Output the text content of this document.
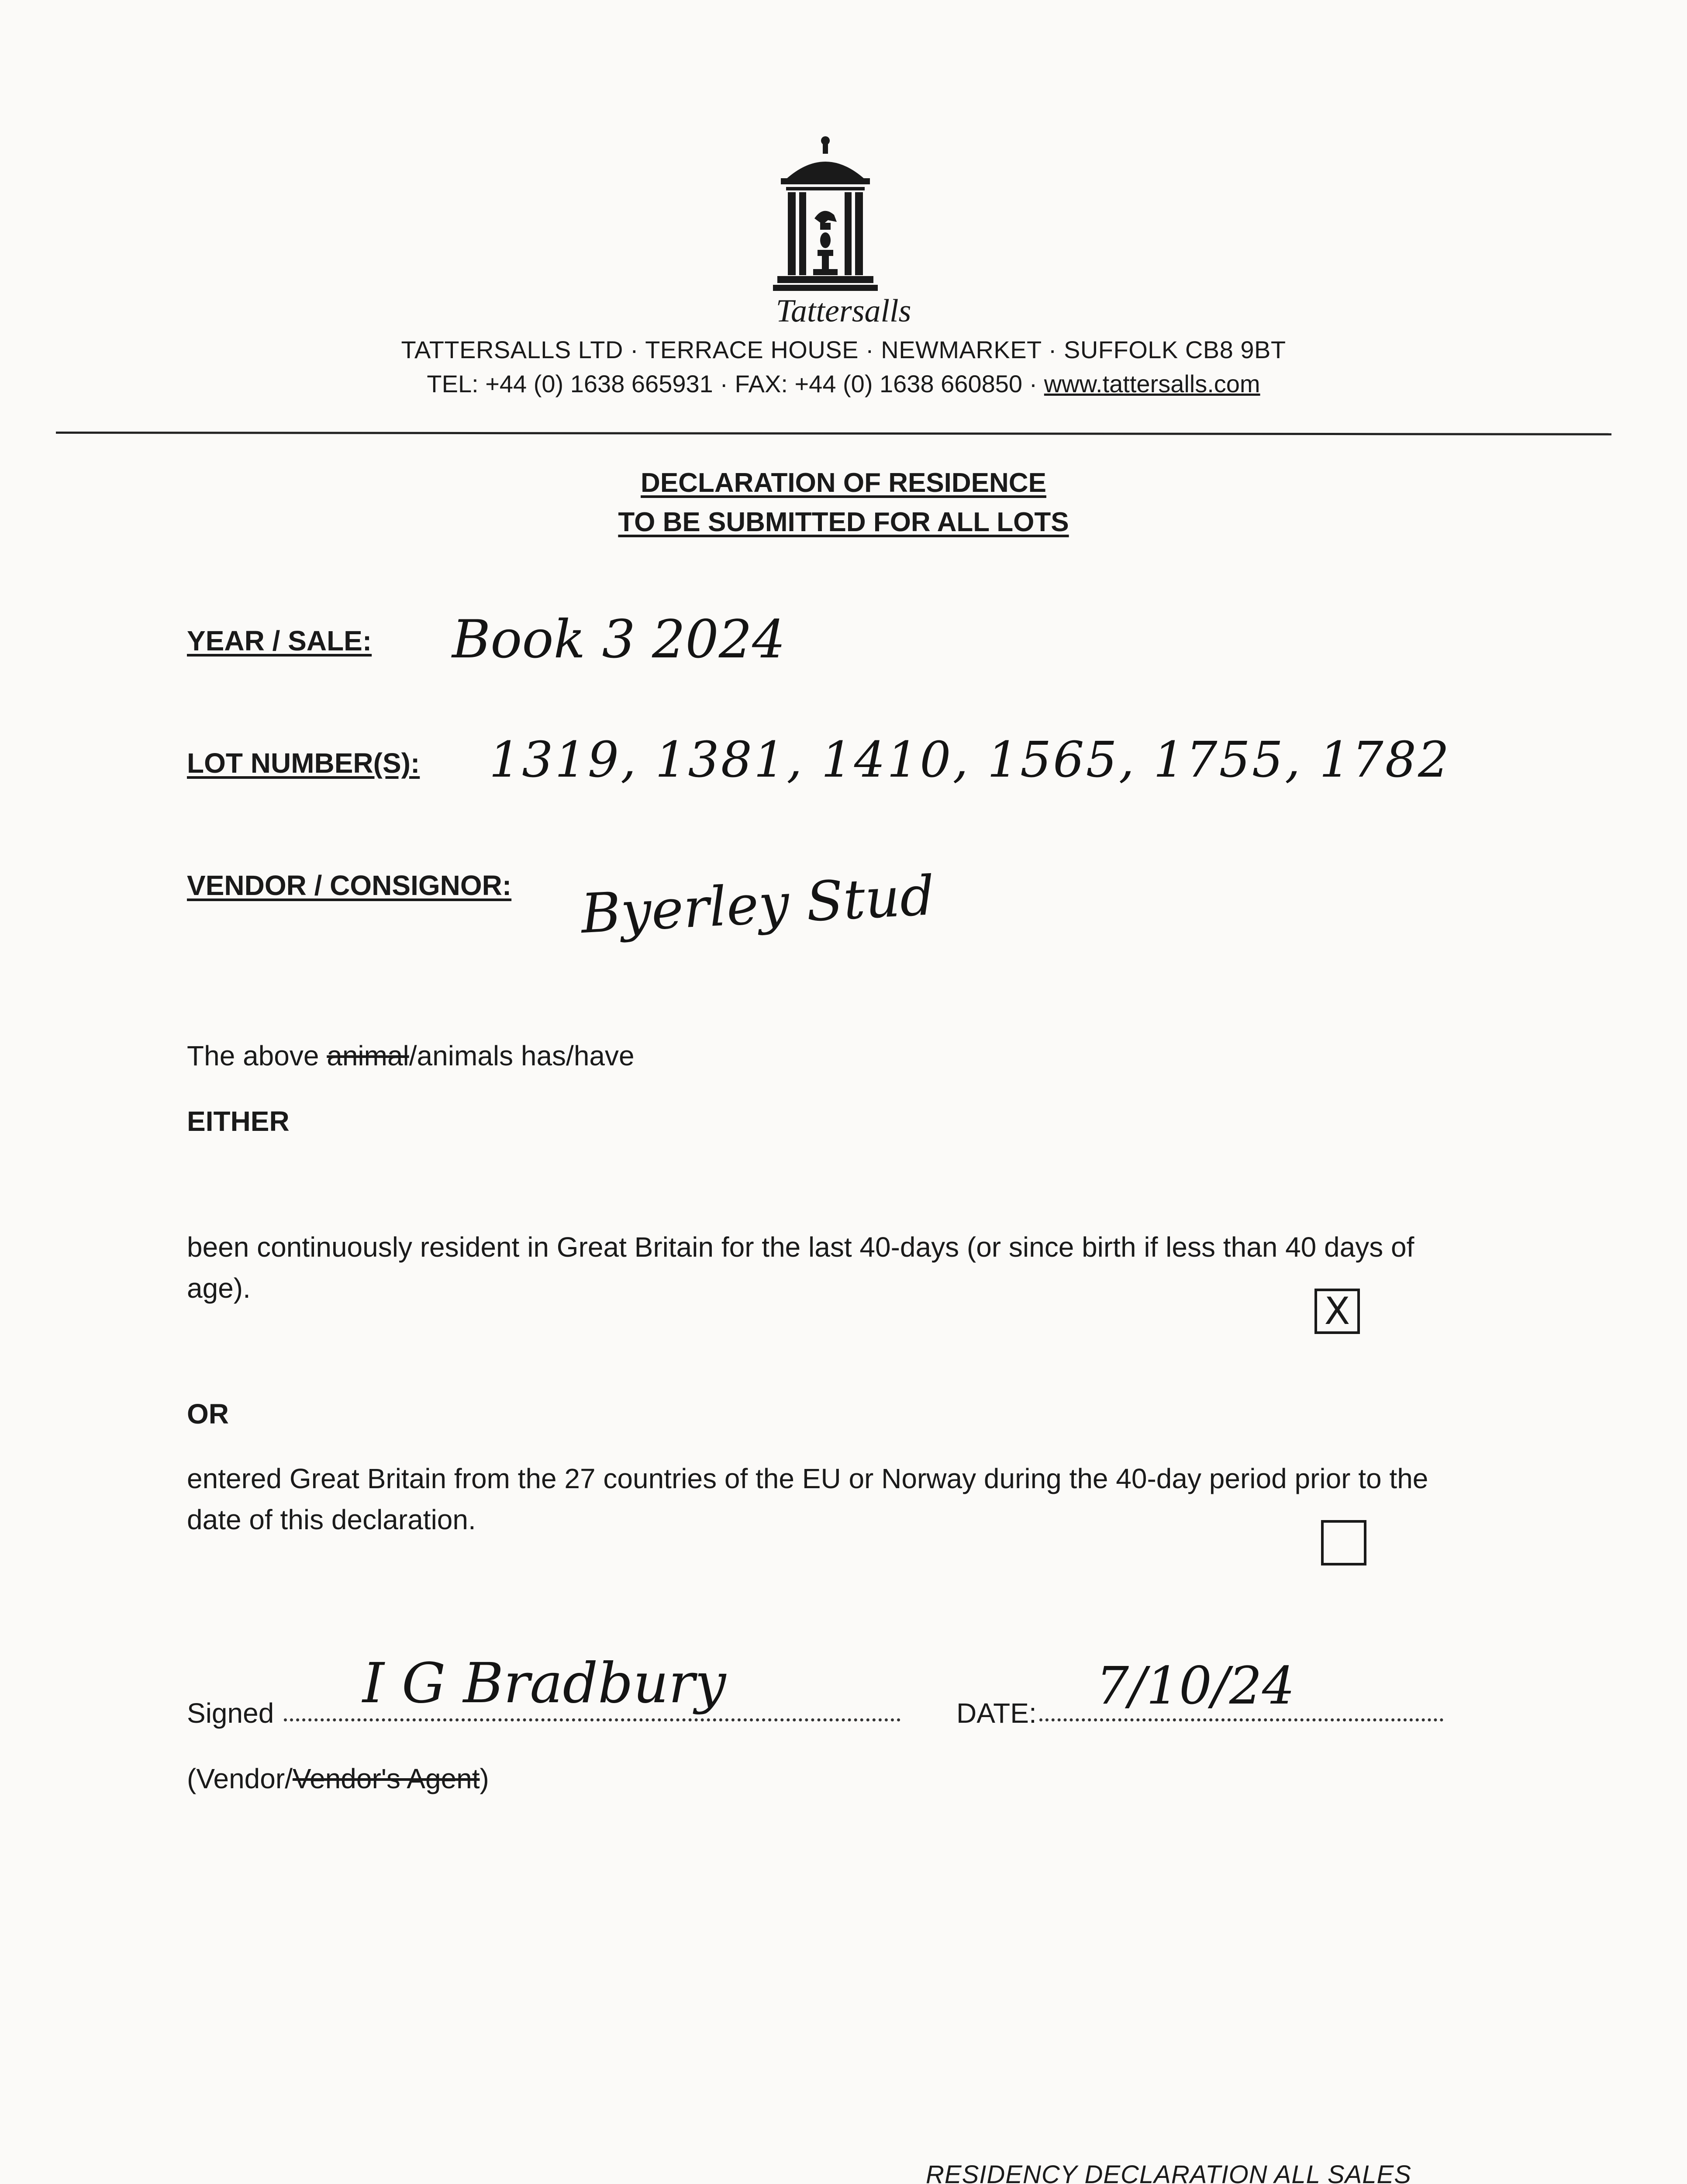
Tattersalls
TATTERSALLS LTD · TERRACE HOUSE · NEWMARKET · SUFFOLK CB8 9BT
TEL: +44 (0) 1638 665931 · FAX: +44 (0) 1638 660850 · www.tattersalls.com
DECLARATION OF RESIDENCE
TO BE SUBMITTED FOR ALL LOTS
YEAR / SALE: Book 3 2024
LOT NUMBER(S): 1319, 1381, 1410, 1565, 1755, 1782
VENDOR / CONSIGNOR: Byerley Stud
The above animal/animals has/have
EITHER
been continuously resident in Great Britain for the last 40-days (or since birth if less than 40 days of age).
X
OR
entered Great Britain from the 27 countries of the EU or Norway during the 40-day period prior to the date of this declaration.
Signed I G Bradbury	DATE: 7/10/24
(Vendor/Vendor's Agent)
RESIDENCY DECLARATION ALL SALES
